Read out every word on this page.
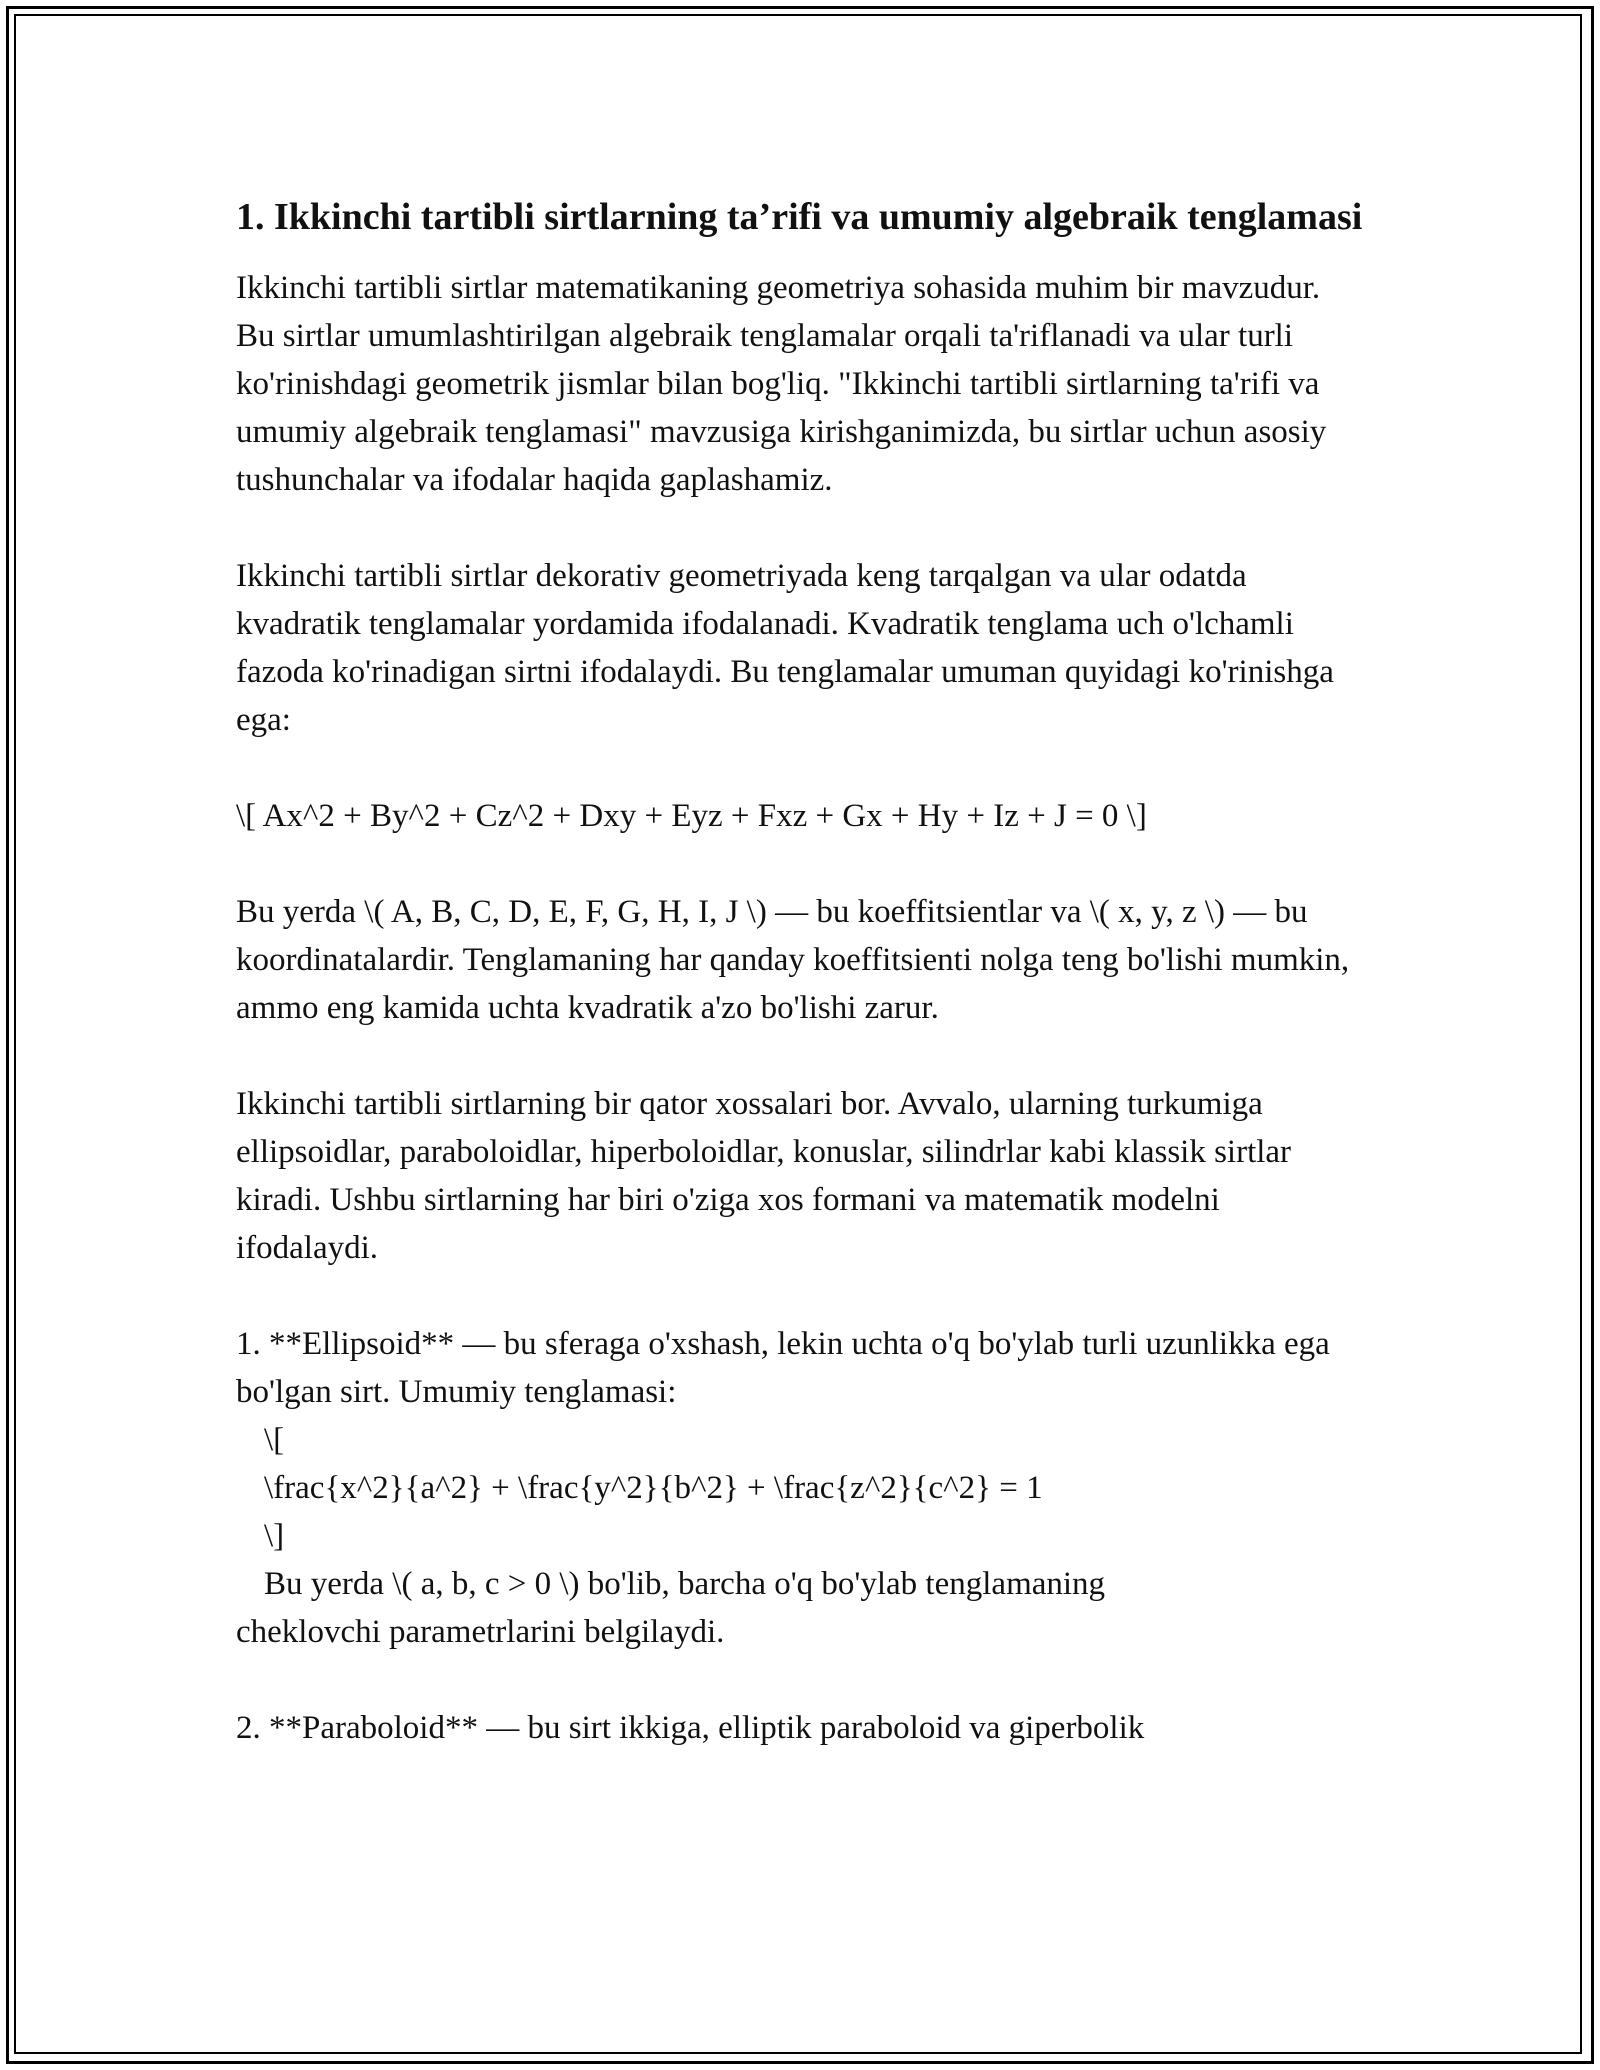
1. Ikkinchi tartibli sirtlarning ta’rifi va umumiy algebraik tenglamasi

Ikkinchi tartibli sirtlar matematikaning geometriya sohasida muhim bir mavzudur. Bu sirtlar umumlashtirilgan algebraik tenglamalar orqali ta'riflanadi va ular turli ko'rinishdagi geometrik jismlar bilan bog'liq. "Ikkinchi tartibli sirtlarning ta'rifi va umumiy algebraik tenglamasi" mavzusiga kirishganimizda, bu sirtlar uchun asosiy tushunchalar va ifodalar haqida gaplashamiz.

Ikkinchi tartibli sirtlar dekorativ geometriyada keng tarqalgan va ular odatda kvadratik tenglamalar yordamida ifodalanadi. Kvadratik tenglama uch o'lchamli fazoda ko'rinadigan sirtni ifodalaydi. Bu tenglamalar umuman quyidagi ko'rinishga ega:

\[ Ax^2 + By^2 + Cz^2 + Dxy + Eyz + Fxz + Gx + Hy + Iz + J = 0 \]

Bu yerda \( A, B, C, D, E, F, G, H, I, J \) — bu koeffitsientlar va \( x, y, z \) — bu koordinatalardir. Tenglamaning har qanday koeffitsienti nolga teng bo'lishi mumkin, ammo eng kamida uchta kvadratik a'zo bo'lishi zarur.

Ikkinchi tartibli sirtlarning bir qator xossalari bor. Avvalo, ularning turkumiga ellipsoidlar, paraboloidlar, hiperboloidlar, konuslar, silindrlar kabi klassik sirtlar kiradi. Ushbu sirtlarning har biri o'ziga xos formani va matematik modelni ifodalaydi.

1. **Ellipsoid** — bu sferaga o'xshash, lekin uchta o'q bo'ylab turli uzunlikka ega bo'lgan sirt. Umumiy tenglamasi:

\[

\frac{x^2}{a^2} + \frac{y^2}{b^2} + \frac{z^2}{c^2} = 1

\]

Bu yerda \( a, b, c > 0 \) bo'lib, barcha o'q bo'ylab tenglamaning

cheklovchi parametrlarini belgilaydi.

2. **Paraboloid** — bu sirt ikkiga, elliptik paraboloid va giperbolik
